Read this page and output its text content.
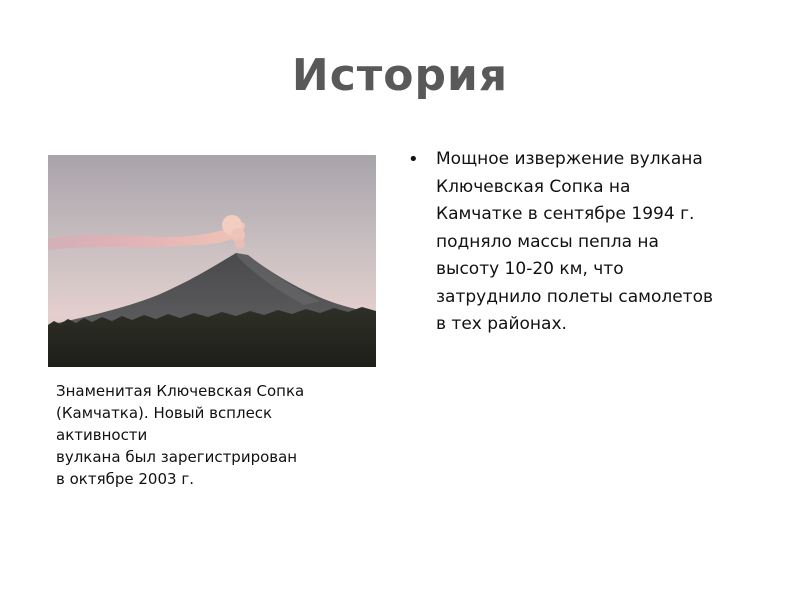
История
Знаменитая Ключевская Сопка
(Камчатка). Новый всплеск
активности
вулкана был зарегистрирован
в октябре 2003 г.
•	Мощное извержение вулкана
Ключевская Сопка на
Камчатке в сентябре 1994 г.
подняло массы пепла на
высоту 10-20 км, что
затруднило полеты самолетов
в тех районах.
